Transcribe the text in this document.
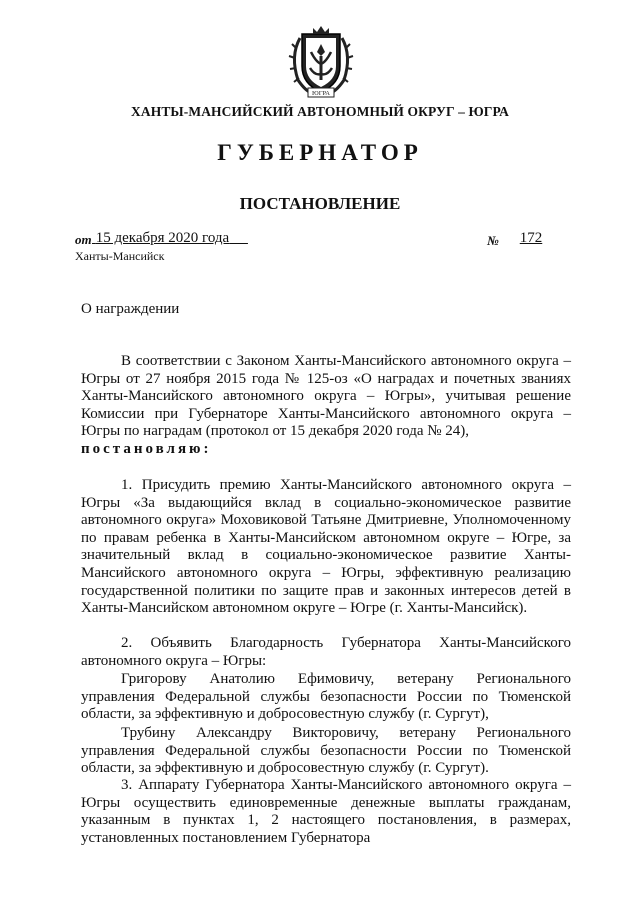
ЮГРА
ХАНТЫ-МАНСИЙСКИЙ АВТОНОМНЫЙ ОКРУГ – ЮГРА
ГУБЕРНАТОР
ПОСТАНОВЛЕНИЕ
от 15 декабря 2020 года	№	172
Ханты-Мансийск
О награждении

В соответствии с Законом Ханты-Мансийского автономного округа – Югры от 27 ноября 2015 года № 125-оз «О наградах и почетных званиях Ханты-Мансийского автономного округа – Югры», учитывая решение Комиссии при Губернаторе Ханты-Мансийского автономного округа – Югры по наградам (протокол от 15 декабря 2020 года № 24),

постановляю:

1. Присудить премию Ханты-Мансийского автономного округа – Югры «За выдающийся вклад в социально-экономическое развитие автономного округа» Моховиковой Татьяне Дмитриевне, Уполномоченному по правам ребенка в Ханты-Мансийском автономном округе – Югре, за значительный вклад в социально-экономическое развитие Ханты-Мансийского автономного округа – Югры, эффективную реализацию государственной политики по защите прав и законных интересов детей в Ханты-Мансийском автономном округе – Югре (г. Ханты-Мансийск).

2. Объявить Благодарность Губернатора Ханты-Мансийского автономного округа – Югры:

Григорову Анатолию Ефимовичу, ветерану Регионального управления Федеральной службы безопасности России по Тюменской области, за эффективную и добросовестную службу (г. Сургут),

Трубину Александру Викторовичу, ветерану Регионального управления Федеральной службы безопасности России по Тюменской области, за эффективную и добросовестную службу (г. Сургут).

3. Аппарату Губернатора Ханты-Мансийского автономного округа – Югры осуществить единовременные денежные выплаты гражданам, указанным в пунктах 1, 2 настоящего постановления, в размерах, установленных постановлением Губернатора
